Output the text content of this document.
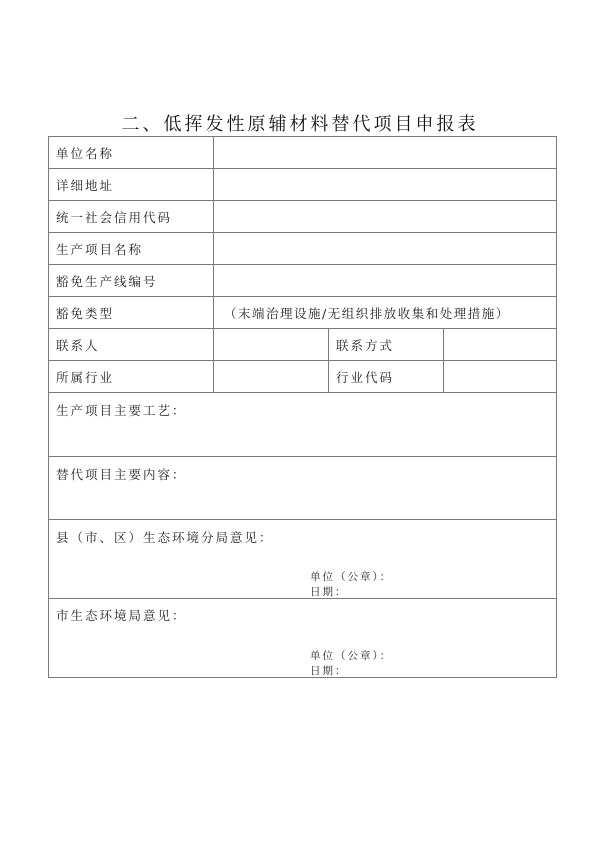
二、低挥发性原辅材料替代项目申报表
单位名称
详细地址
统一社会信用代码
生产项目名称
豁免生产线编号
豁免类型	（末端治理设施/无组织排放收集和处理措施）
联系人	联系方式
所属行业	行业代码
生产项目主要工艺：
替代项目主要内容：
县（市、区）生态环境分局意见：
单位（公章）：
日期：
市生态环境局意见：
单位（公章）：
日期：
